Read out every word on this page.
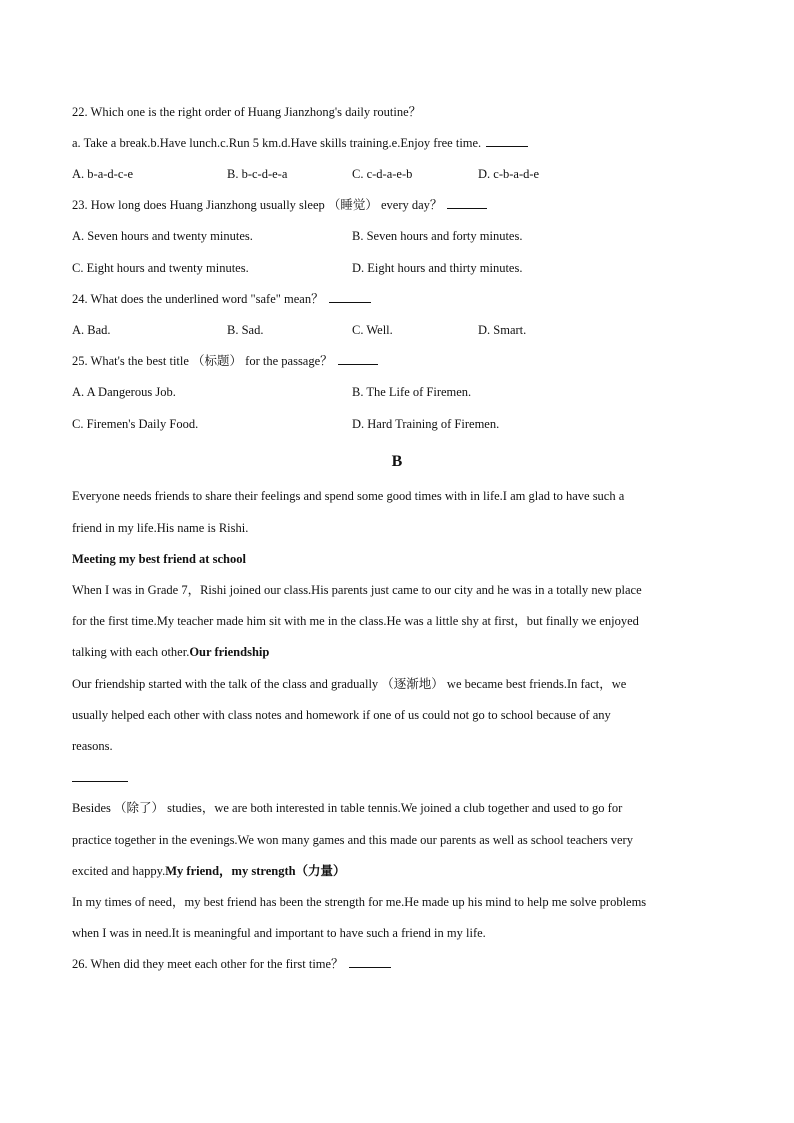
22. Which one is the right order of Huang Jianzhong's daily routine？
a. Take a break.b.Have lunch.c.Run 5 km.d.Have skills training.e.Enjoy free time.
A. b-a-d-c-e	B. b-c-d-e-a	C. c-d-a-e-b	D. c-b-a-d-e
23. How long does Huang Jianzhong usually sleep （睡觉） every day？
A. Seven hours and twenty minutes.	B. Seven hours and forty minutes.
C. Eight hours and twenty minutes.	D. Eight hours and thirty minutes.
24. What does the underlined word "safe" mean？
A. Bad.	B. Sad.	C. Well.	D. Smart.
25. What's the best title （标题） for the passage？
A. A Dangerous Job.	B. The Life of Firemen.
C. Firemen's Daily Food.	D. Hard Training of Firemen.
B
Everyone needs friends to share their feelings and spend some good times with in life.I am glad to have such a
friend in my life.His name is Rishi.
Meeting my best friend at school
When I was in Grade 7，Rishi joined our class.His parents just came to our city and he was in a totally new place
for the first time.My teacher made him sit with me in the class.He was a little shy at first，but finally we enjoyed
talking with each other.Our friendship
Our friendship started with the talk of the class and gradually （逐渐地） we became best friends.In fact，we
usually helped each other with class notes and homework if one of us could not go to school because of any
reasons.
Besides （除了） studies，we are both interested in table tennis.We joined a club together and used to go for
practice together in the evenings.We won many games and this made our parents as well as school teachers very
excited and happy.My friend，my strength（力量）
In my times of need，my best friend has been the strength for me.He made up his mind to help me solve problems
when I was in need.It is meaningful and important to have such a friend in my life.
26. When did they meet each other for the first time？
